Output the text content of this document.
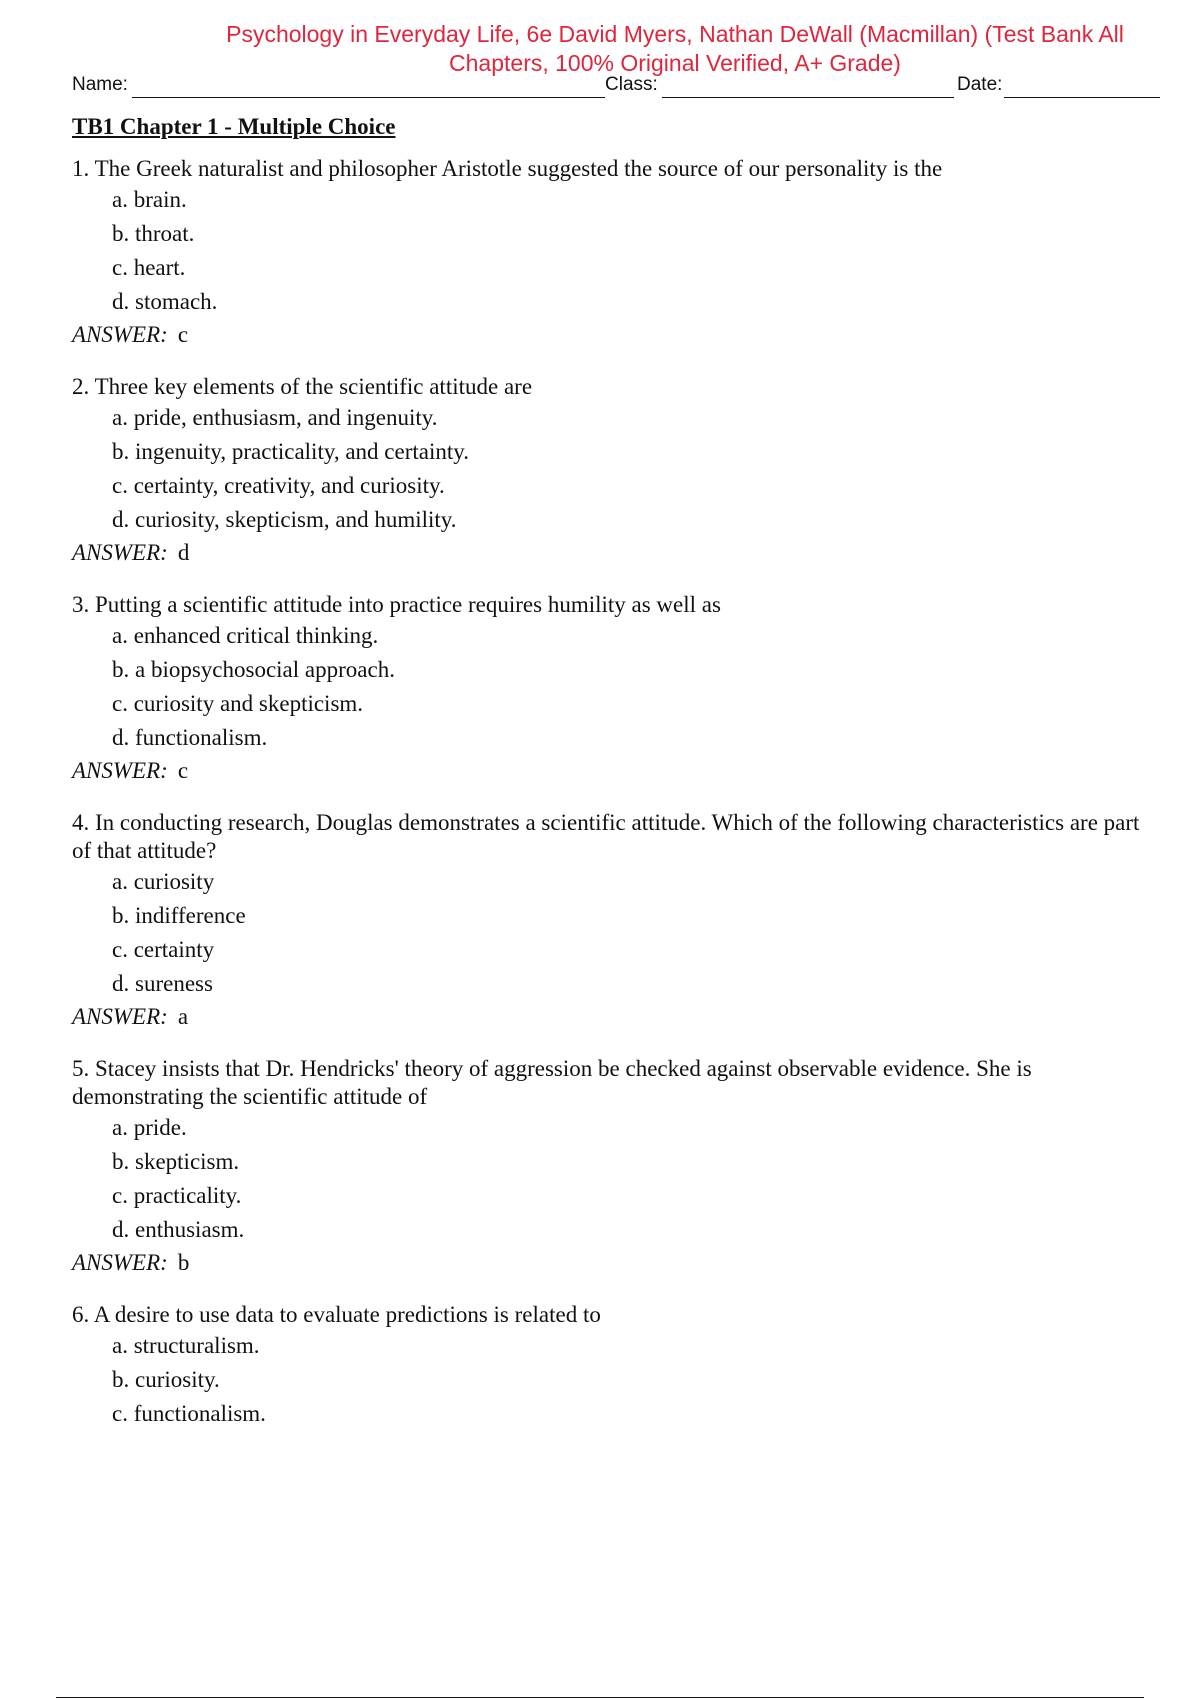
Psychology in Everyday Life, 6e David Myers, Nathan DeWall (Macmillan) (Test Bank All Chapters, 100% Original Verified, A+ Grade)
Name:	Class:	Date:
TB1 Chapter 1 - Multiple Choice

1. The Greek naturalist and philosopher Aristotle suggested the source of our personality is the

a. brain.
b. throat.
c. heart.
d. stomach.
ANSWER: c

2. Three key elements of the scientific attitude are

a. pride, enthusiasm, and ingenuity.
b. ingenuity, practicality, and certainty.
c. certainty, creativity, and curiosity.
d. curiosity, skepticism, and humility.
ANSWER: d

3. Putting a scientific attitude into practice requires humility as well as

a. enhanced critical thinking.
b. a biopsychosocial approach.
c. curiosity and skepticism.
d. functionalism.
ANSWER: c

4. In conducting research, Douglas demonstrates a scientific attitude. Which of the following characteristics are part of that attitude?

a. curiosity
b. indifference
c. certainty
d. sureness
ANSWER: a

5. Stacey insists that Dr. Hendricks' theory of aggression be checked against observable evidence. She is demonstrating the scientific attitude of

a. pride.
b. skepticism.
c. practicality.
d. enthusiasm.
ANSWER: b

6. A desire to use data to evaluate predictions is related to

a. structuralism.
b. curiosity.
c. functionalism.
